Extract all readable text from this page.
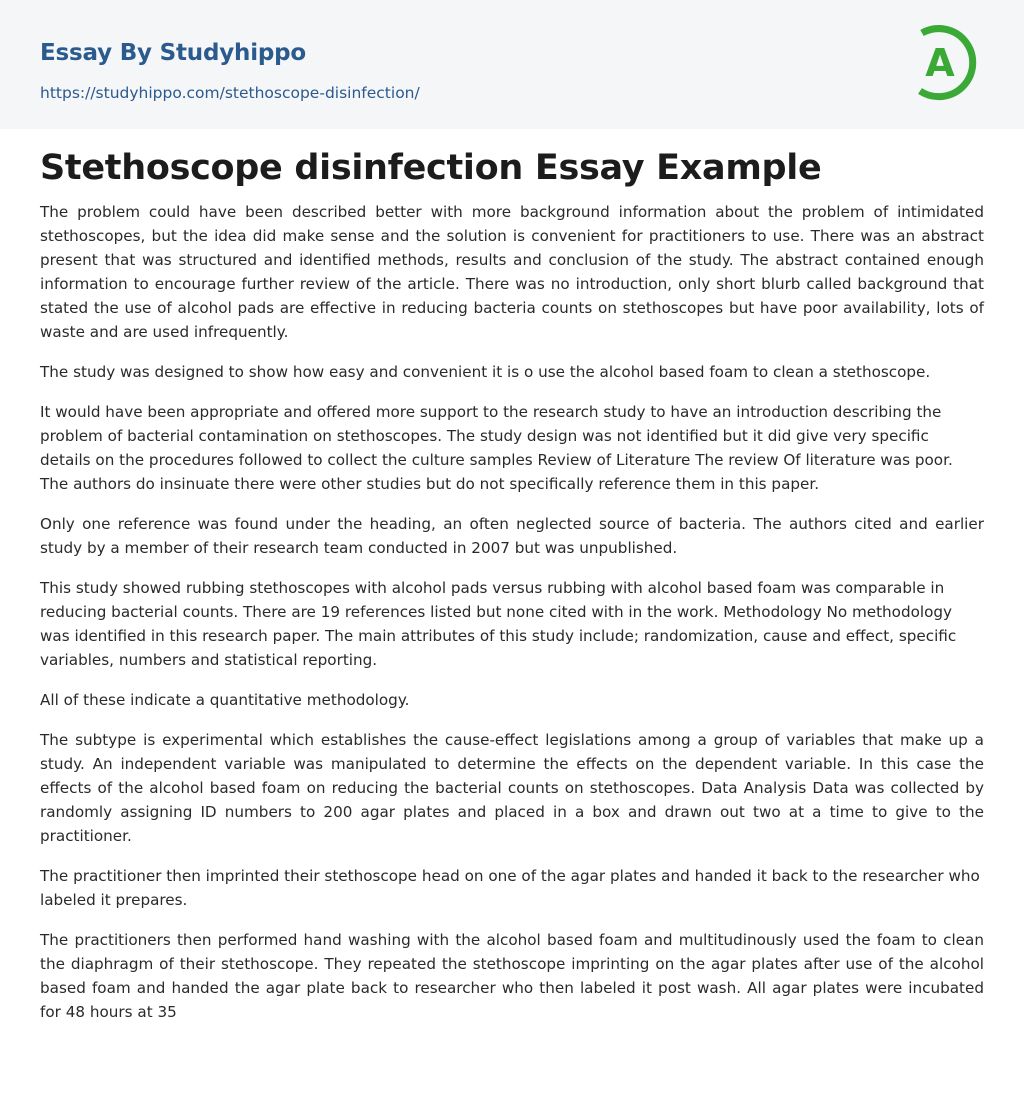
Essay By Studyhippo
https://studyhippo.com/stethoscope-disinfection/
A
Stethoscope disinfection Essay Example

The problem could have been described better with more background information about the problem of intimidated stethoscopes, but the idea did make sense and the solution is convenient for practitioners to use. There was an abstract present that was structured and identified methods, results and conclusion of the study. The abstract contained enough information to encourage further review of the article. There was no introduction, only short blurb called background that stated the use of alcohol pads are effective in reducing bacteria counts on stethoscopes but have poor availability, lots of waste and are used infrequently.

The study was designed to show how easy and convenient it is o use the alcohol based foam to clean a stethoscope.

It would have been appropriate and offered more support to the research study to have an introduction describing the problem of bacterial contamination on stethoscopes. The study design was not identified but it did give very specific details on the procedures followed to collect the culture samples Review of Literature The review Of literature was poor. The authors do insinuate there were other studies but do not specifically reference them in this paper.

Only one reference was found under the heading, an often neglected source of bacteria. The authors cited and earlier study by a member of their research team conducted in 2007 but was unpublished.

This study showed rubbing stethoscopes with alcohol pads versus rubbing with alcohol based foam was comparable in reducing bacterial counts. There are 19 references listed but none cited with in the work. Methodology No methodology was identified in this research paper. The main attributes of this study include; randomization, cause and effect, specific variables, numbers and statistical reporting.

All of these indicate a quantitative methodology.

The subtype is experimental which establishes the cause-effect legislations among a group of variables that make up a study. An independent variable was manipulated to determine the effects on the dependent variable. In this case the effects of the alcohol based foam on reducing the bacterial counts on stethoscopes. Data Analysis Data was collected by randomly assigning ID numbers to 200 agar plates and placed in a box and drawn out two at a time to give to the practitioner.

The practitioner then imprinted their stethoscope head on one of the agar plates and handed it back to the researcher who labeled it prepares.

The practitioners then performed hand washing with the alcohol based foam and multitudinously used the foam to clean the diaphragm of their stethoscope. They repeated the stethoscope imprinting on the agar plates after use of the alcohol based foam and handed the agar plate back to researcher who then labeled it post wash. All agar plates were incubated for 48 hours at 35
